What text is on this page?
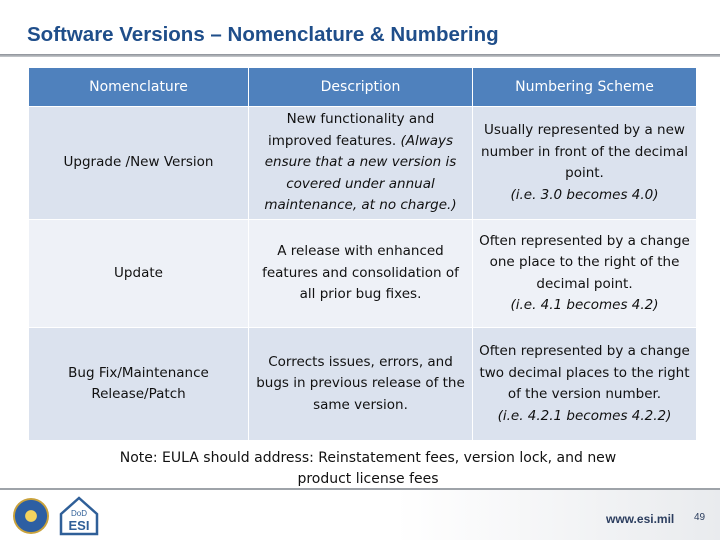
Software Versions – Nomenclature & Numbering
Nomenclature	Description	Numbering Scheme
Upgrade /New Version	New functionality and improved features. (Always ensure that a new version is covered under annual maintenance, at no charge.)	Usually represented by a new number in front of the decimal point.
(i.e. 3.0 becomes 4.0)
Update	A release with enhanced features and consolidation of all prior bug fixes.	Often represented by a change one place to the right of the decimal point.
(i.e. 4.1 becomes 4.2)
Bug Fix/Maintenance Release/Patch	Corrects issues, errors, and bugs in previous release of the same version.	Often represented by a change two decimal places to the right of the version number.
(i.e. 4.2.1 becomes 4.2.2)
Note: EULA should address: Reinstatement fees, version lock, and new product license fees
DoD
ESI	www.esi.mil 49
